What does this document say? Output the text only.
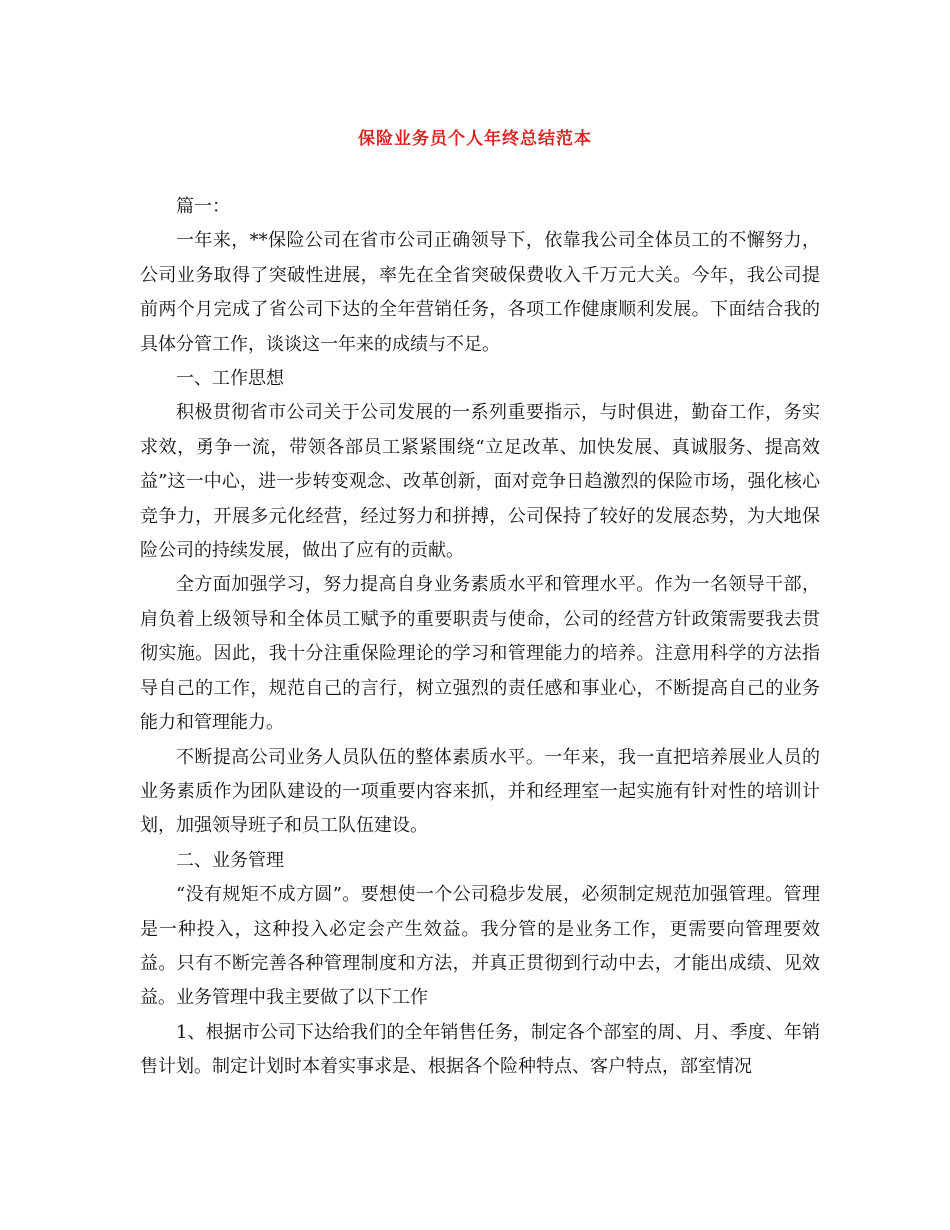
保险业务员个人年终总结范本

篇一：

一年来，**保险公司在省市公司正确领导下，依靠我公司全体员工的不懈努力，公司业务取得了突破性进展，率先在全省突破保费收入千万元大关。今年，我公司提前两个月完成了省公司下达的全年营销任务，各项工作健康顺利发展。下面结合我的具体分管工作，谈谈这一年来的成绩与不足。

一、工作思想

积极贯彻省市公司关于公司发展的一系列重要指示，与时俱进，勤奋工作，务实求效，勇争一流，带领各部员工紧紧围绕“立足改革、加快发展、真诚服务、提高效益”这一中心，进一步转变观念、改革创新，面对竞争日趋激烈的保险市场，强化核心竞争力，开展多元化经营，经过努力和拼搏，公司保持了较好的发展态势，为大地保险公司的持续发展，做出了应有的贡献。

全方面加强学习，努力提高自身业务素质水平和管理水平。作为一名领导干部，肩负着上级领导和全体员工赋予的重要职责与使命，公司的经营方针政策需要我去贯彻实施。因此，我十分注重保险理论的学习和管理能力的培养。注意用科学的方法指导自己的工作，规范自己的言行，树立强烈的责任感和事业心，不断提高自己的业务能力和管理能力。

不断提高公司业务人员队伍的整体素质水平。一年来，我一直把培养展业人员的业务素质作为团队建设的一项重要内容来抓，并和经理室一起实施有针对性的培训计划，加强领导班子和员工队伍建设。

二、业务管理

“没有规矩不成方圆”。要想使一个公司稳步发展，必须制定规范加强管理。管理是一种投入，这种投入必定会产生效益。我分管的是业务工作，更需要向管理要效益。只有不断完善各种管理制度和方法，并真正贯彻到行动中去，才能出成绩、见效益。业务管理中我主要做了以下工作

1、根据市公司下达给我们的全年销售任务，制定各个部室的周、月、季度、年销售计划。制定计划时本着实事求是、根据各个险种特点、客户特点，部室情况
